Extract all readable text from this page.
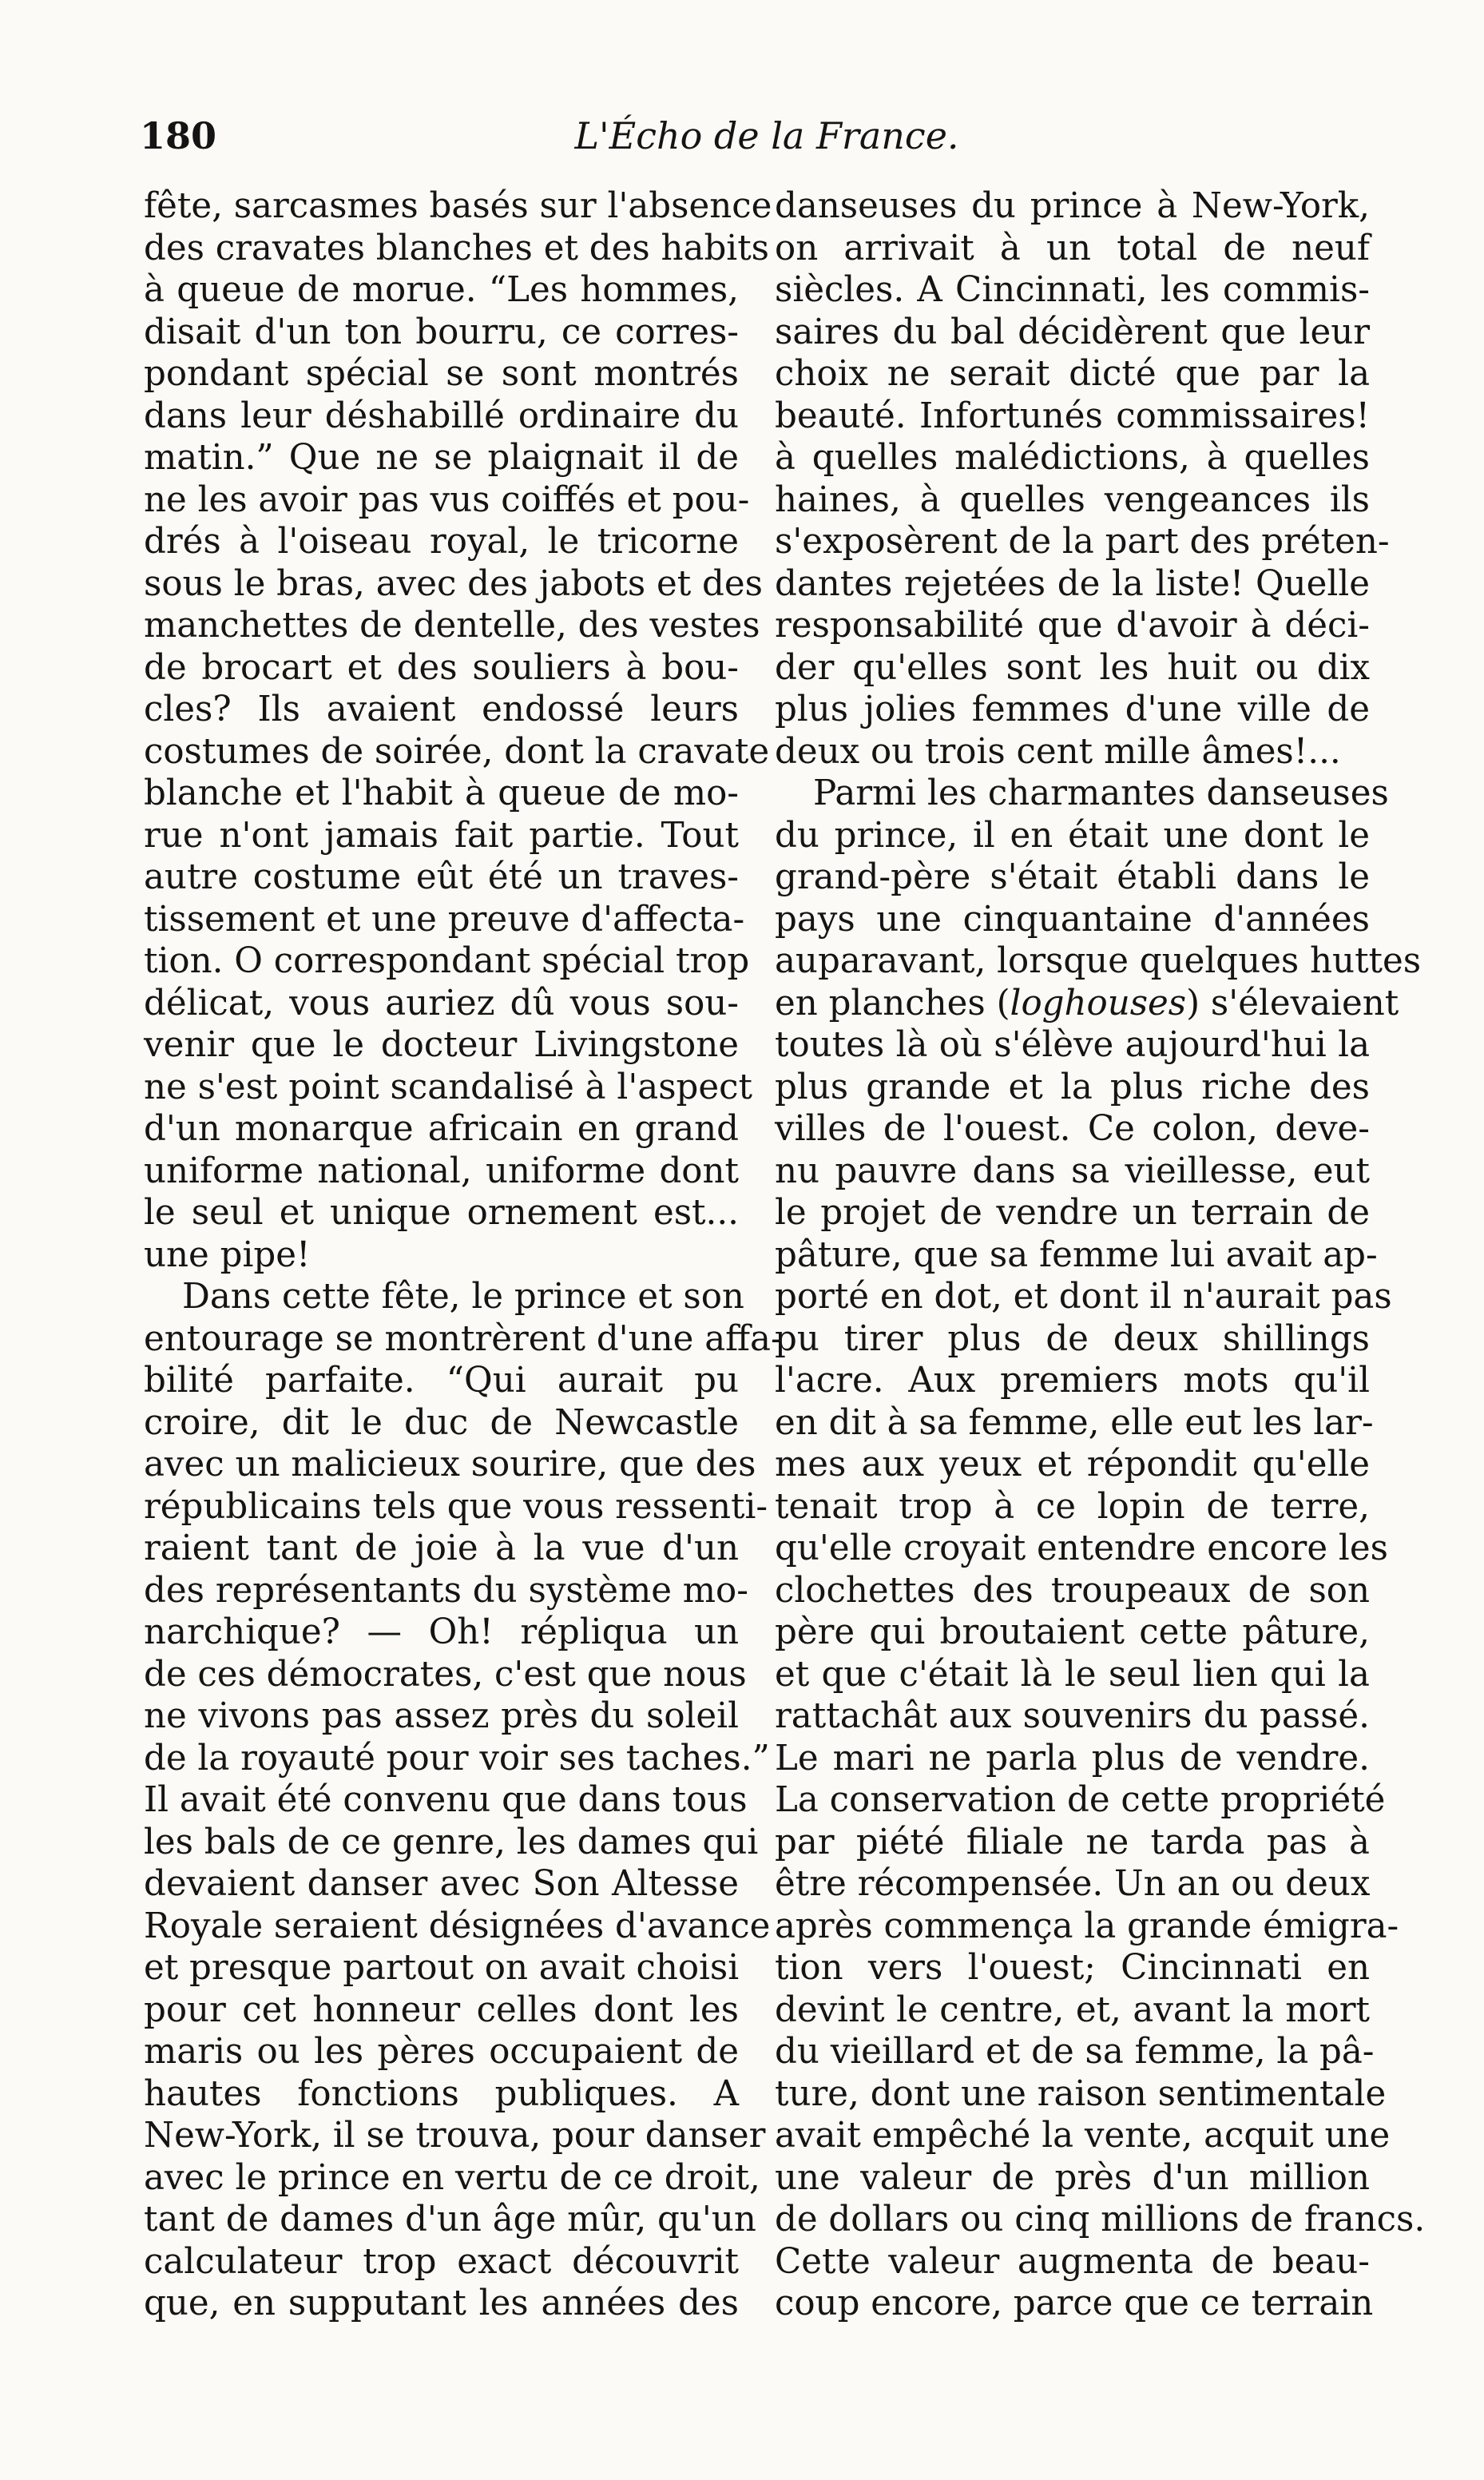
180	L'Écho de la France.
fête, sarcasmes basés sur l'absence
des cravates blanches et des habits
à queue de morue. “Les hommes,
disait d'un ton bourru, ce corres-
pondant spécial se sont montrés
dans leur déshabillé ordinaire du
matin.” Que ne se plaignait il de
ne les avoir pas vus coiffés et pou-
drés à l'oiseau royal, le tricorne
sous le bras, avec des jabots et des
manchettes de dentelle, des vestes
de brocart et des souliers à bou-
cles? Ils avaient endossé leurs
costumes de soirée, dont la cravate
blanche et l'habit à queue de mo-
rue n'ont jamais fait partie. Tout
autre costume eût été un traves-
tissement et une preuve d'affecta-
tion. O correspondant spécial trop
délicat, vous auriez dû vous sou-
venir que le docteur Livingstone
ne s'est point scandalisé à l'aspect
d'un monarque africain en grand
uniforme national, uniforme dont
le seul et unique ornement est...
une pipe!
Dans cette fête, le prince et son
entourage se montrèrent d'une affa-
bilité parfaite. “Qui aurait pu
croire, dit le duc de Newcastle
avec un malicieux sourire, que des
républicains tels que vous ressenti-
raient tant de joie à la vue d'un
des représentants du système mo-
narchique? — Oh! répliqua un
de ces démocrates, c'est que nous
ne vivons pas assez près du soleil
de la royauté pour voir ses taches.”
Il avait été convenu que dans tous
les bals de ce genre, les dames qui
devaient danser avec Son Altesse
Royale seraient désignées d'avance
et presque partout on avait choisi
pour cet honneur celles dont les
maris ou les pères occupaient de
hautes fonctions publiques. A
New-York, il se trouva, pour danser
avec le prince en vertu de ce droit,
tant de dames d'un âge mûr, qu'un
calculateur trop exact découvrit
que, en supputant les années des
danseuses du prince à New-York,
on arrivait à un total de neuf
siècles. A Cincinnati, les commis-
saires du bal décidèrent que leur
choix ne serait dicté que par la
beauté. Infortunés commissaires!
à quelles malédictions, à quelles
haines, à quelles vengeances ils
s'exposèrent de la part des préten-
dantes rejetées de la liste! Quelle
responsabilité que d'avoir à déci-
der qu'elles sont les huit ou dix
plus jolies femmes d'une ville de
deux ou trois cent mille âmes!...
Parmi les charmantes danseuses
du prince, il en était une dont le
grand-père s'était établi dans le
pays une cinquantaine d'années
auparavant, lorsque quelques huttes
en planches (loghouses) s'élevaient
toutes là où s'élève aujourd'hui la
plus grande et la plus riche des
villes de l'ouest. Ce colon, deve-
nu pauvre dans sa vieillesse, eut
le projet de vendre un terrain de
pâture, que sa femme lui avait ap-
porté en dot, et dont il n'aurait pas
pu tirer plus de deux shillings
l'acre. Aux premiers mots qu'il
en dit à sa femme, elle eut les lar-
mes aux yeux et répondit qu'elle
tenait trop à ce lopin de terre,
qu'elle croyait entendre encore les
clochettes des troupeaux de son
père qui broutaient cette pâture,
et que c'était là le seul lien qui la
rattachât aux souvenirs du passé.
Le mari ne parla plus de vendre.
La conservation de cette propriété
par piété filiale ne tarda pas à
être récompensée. Un an ou deux
après commença la grande émigra-
tion vers l'ouest; Cincinnati en
devint le centre, et, avant la mort
du vieillard et de sa femme, la pâ-
ture, dont une raison sentimentale
avait empêché la vente, acquit une
une valeur de près d'un million
de dollars ou cinq millions de francs.
Cette valeur augmenta de beau-
coup encore, parce que ce terrain
